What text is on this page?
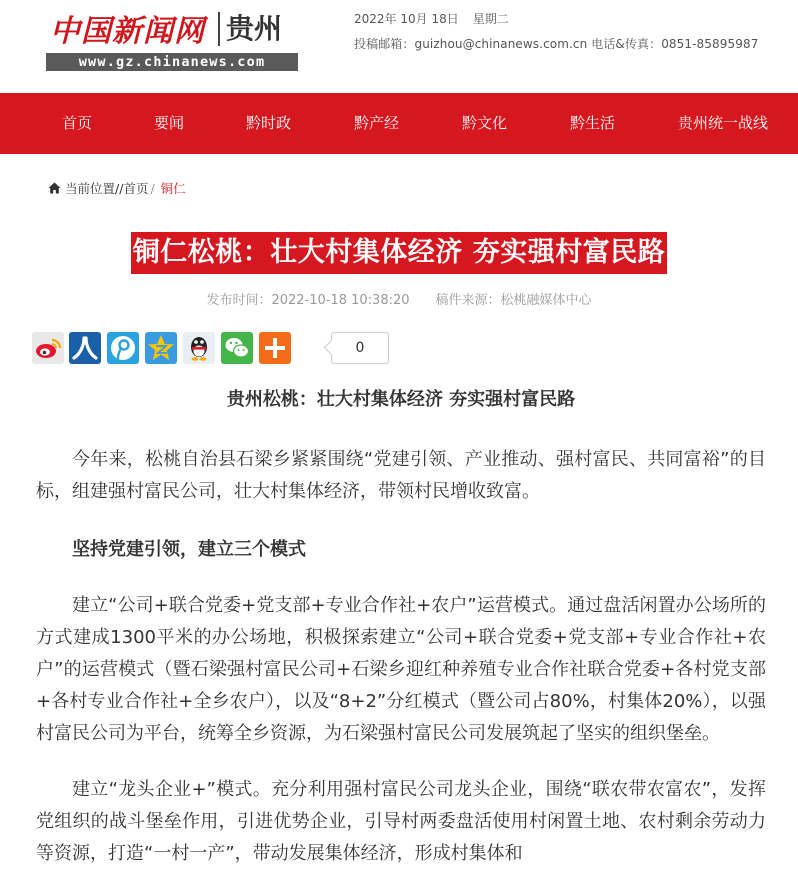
中国新闻网 贵州
www.gz.chinanews.com
2022年 10月 18日 星期二
投稿邮箱：guizhou@chinanews.com.cn 电话&传真：0851-85895987
首页	要闻	黔时政	黔产经	黔文化	黔生活	贵州统一战线
当前位置//首页 / 铜仁
铜仁松桃：壮大村集体经济 夯实强村富民路
发布时间：2022-10-18 10:38:20 稿件来源：松桃融媒体中心
0

贵州松桃：壮大村集体经济 夯实强村富民路

今年来，松桃自治县石梁乡紧紧围绕“党建引领、产业推动、强村富民、共同富裕”的目标，组建强村富民公司，壮大村集体经济，带领村民增收致富。

坚持党建引领，建立三个模式

建立“公司+联合党委+党支部+专业合作社+农户”运营模式。通过盘活闲置办公场所的方式建成1300平米的办公场地，积极探索建立“公司+联合党委+党支部+专业合作社+农户”的运营模式（暨石梁强村富民公司+石梁乡迎红种养殖专业合作社联合党委+各村党支部+各村专业合作社+全乡农户），以及“8+2”分红模式（暨公司占80%，村集体20%），以强村富民公司为平台，统筹全乡资源，为石梁强村富民公司发展筑起了坚实的组织堡垒。

建立“龙头企业+”模式。充分利用强村富民公司龙头企业，围绕“联农带农富农”，发挥党组织的战斗堡垒作用，引进优势企业，引导村两委盘活使用村闲置土地、农村剩余劳动力等资源，打造“一村一产”，带动发展集体经济，形成村集体和
